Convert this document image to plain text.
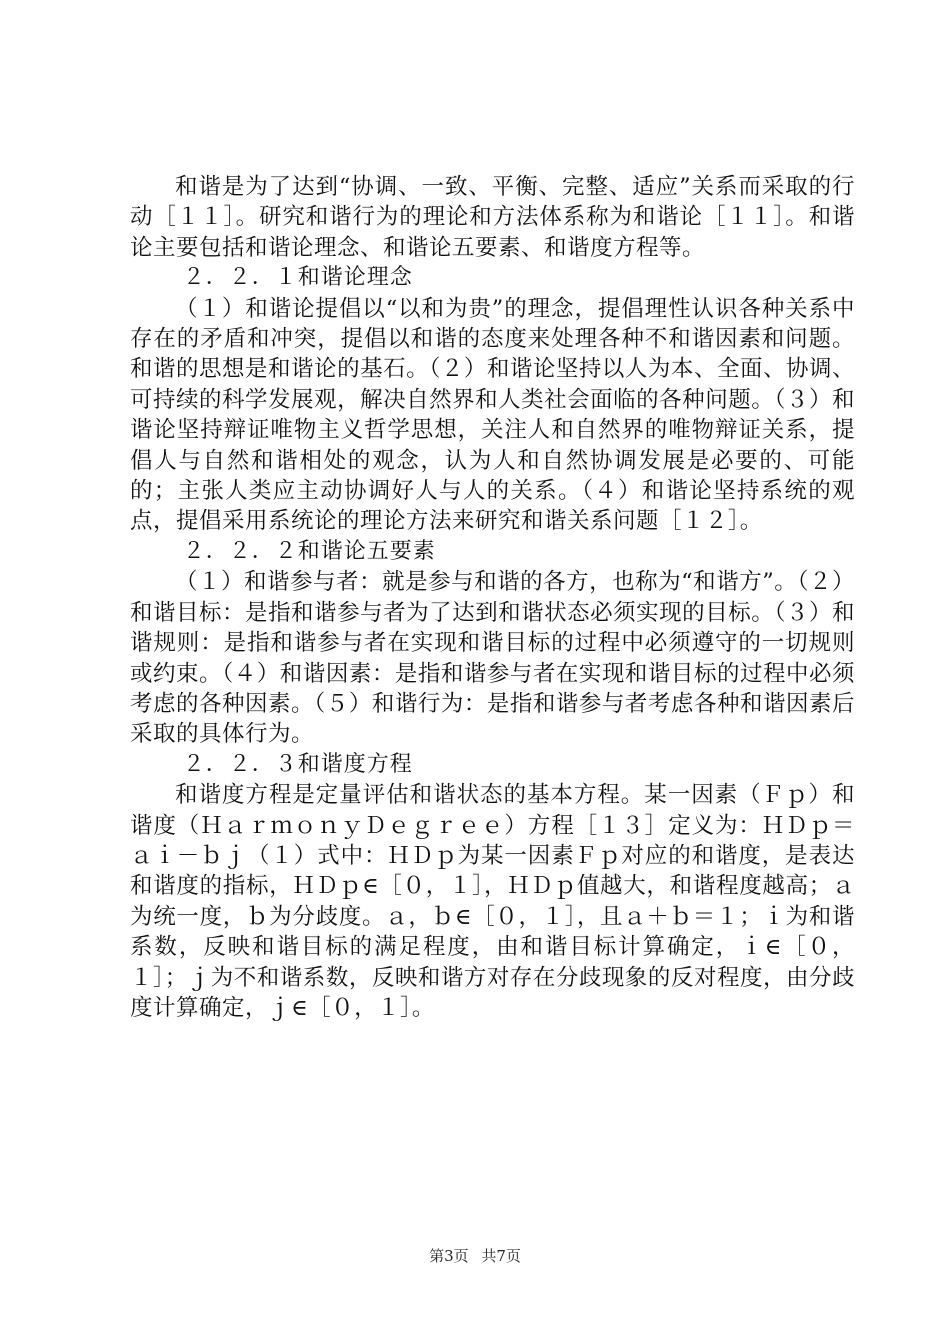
和谐是为了达到“协调、一致、平衡、完整、适应”关系而采取的行动［１１］。研究和谐行为的理论和方法体系称为和谐论［１１］。和谐论主要包括和谐论理念、和谐论五要素、和谐度方程等。

２．２．１和谐论理念

（１）和谐论提倡以“以和为贵”的理念，提倡理性认识各种关系中存在的矛盾和冲突，提倡以和谐的态度来处理各种不和谐因素和问题。和谐的思想是和谐论的基石。（２）和谐论坚持以人为本、全面、协调、可持续的科学发展观，解决自然界和人类社会面临的各种问题。（３）和谐论坚持辩证唯物主义哲学思想，关注人和自然界的唯物辩证关系，提倡人与自然和谐相处的观念，认为人和自然协调发展是必要的、可能的；主张人类应主动协调好人与人的关系。（４）和谐论坚持系统的观点，提倡采用系统论的理论方法来研究和谐关系问题［１２］。

２．２．２和谐论五要素

（１）和谐参与者：就是参与和谐的各方，也称为“和谐方”。（２）和谐目标：是指和谐参与者为了达到和谐状态必须实现的目标。（３）和谐规则：是指和谐参与者在实现和谐目标的过程中必须遵守的一切规则或约束。（４）和谐因素：是指和谐参与者在实现和谐目标的过程中必须考虑的各种因素。（５）和谐行为：是指和谐参与者考虑各种和谐因素后采取的具体行为。

２．２．３和谐度方程

和谐度方程是定量评估和谐状态的基本方程。某一因素（Ｆｐ）和谐度（ＨａｒｍｏｎｙＤｅｇｒｅｅ）方程［１３］定义为：ＨＤｐ＝ａｉ－ｂｊ（１）式中：ＨＤｐ为某一因素Ｆｐ对应的和谐度，是表达和谐度的指标，ＨＤｐ∈［０，１］，ＨＤｐ值越大，和谐程度越高；ａ为统一度，ｂ为分歧度。ａ，ｂ∈［０，１］，且ａ＋ｂ＝１；ｉ为和谐系数，反映和谐目标的满足程度，由和谐目标计算确定，ｉ∈［０，１］；ｊ为不和谐系数，反映和谐方对存在分歧现象的反对程度，由分歧度计算确定，ｊ∈［０，１］。

第3页 共7页
